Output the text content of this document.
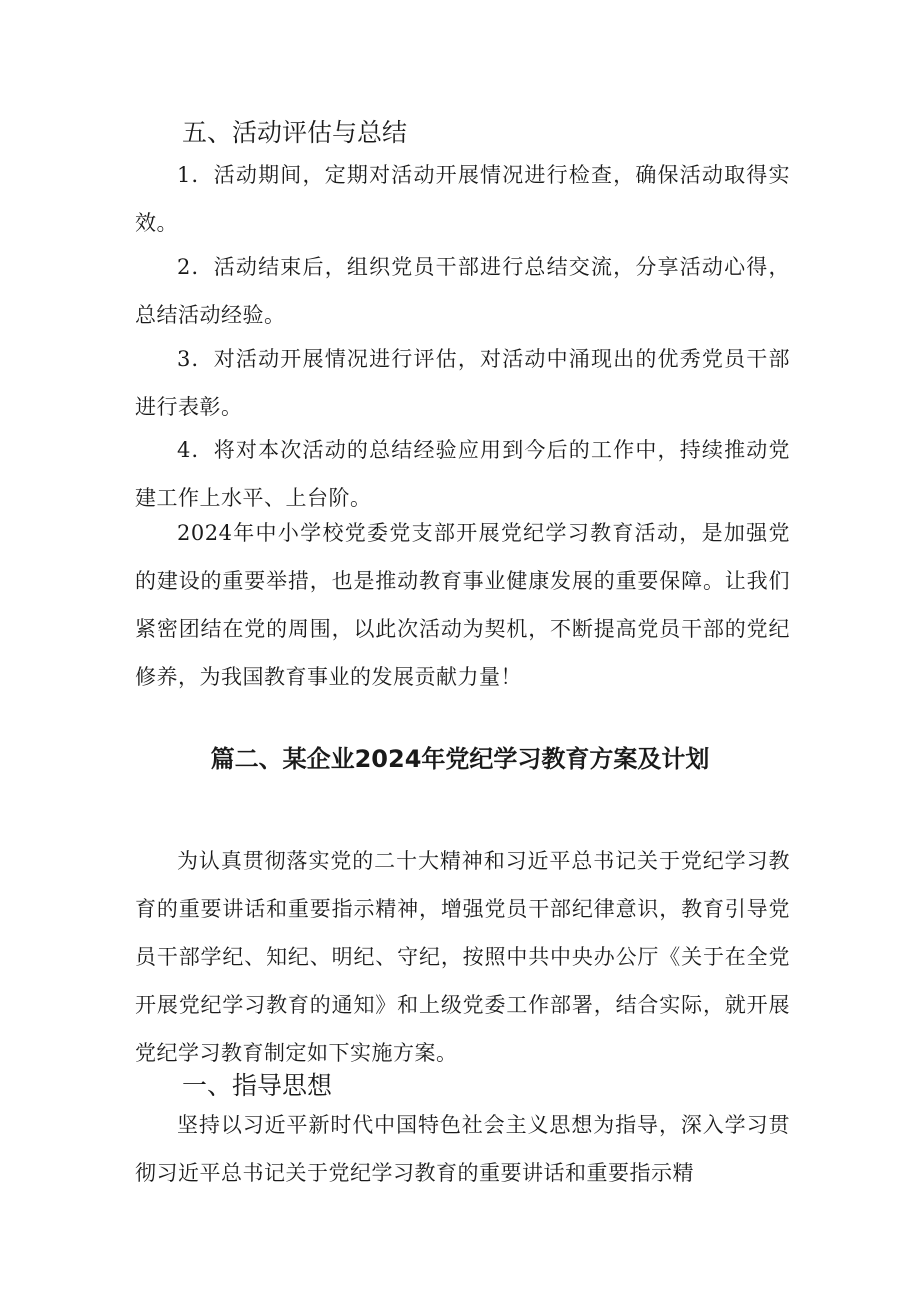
五、活动评估与总结

1．活动期间，定期对活动开展情况进行检查，确保活动取得实效。

2．活动结束后，组织党员干部进行总结交流，分享活动心得，总结活动经验。

3．对活动开展情况进行评估，对活动中涌现出的优秀党员干部进行表彰。

4．将对本次活动的总结经验应用到今后的工作中，持续推动党建工作上水平、上台阶。

2024年中小学校党委党支部开展党纪学习教育活动，是加强党的建设的重要举措，也是推动教育事业健康发展的重要保障。让我们紧密团结在党的周围，以此次活动为契机，不断提高党员干部的党纪修养，为我国教育事业的发展贡献力量！

篇二、某企业2024年党纪学习教育方案及计划

为认真贯彻落实党的二十大精神和习近平总书记关于党纪学习教育的重要讲话和重要指示精神，增强党员干部纪律意识，教育引导党员干部学纪、知纪、明纪、守纪，按照中共中央办公厅《关于在全党开展党纪学习教育的通知》和上级党委工作部署，结合实际，就开展党纪学习教育制定如下实施方案。

一、指导思想

坚持以习近平新时代中国特色社会主义思想为指导，深入学习贯彻习近平总书记关于党纪学习教育的重要讲话和重要指示精
